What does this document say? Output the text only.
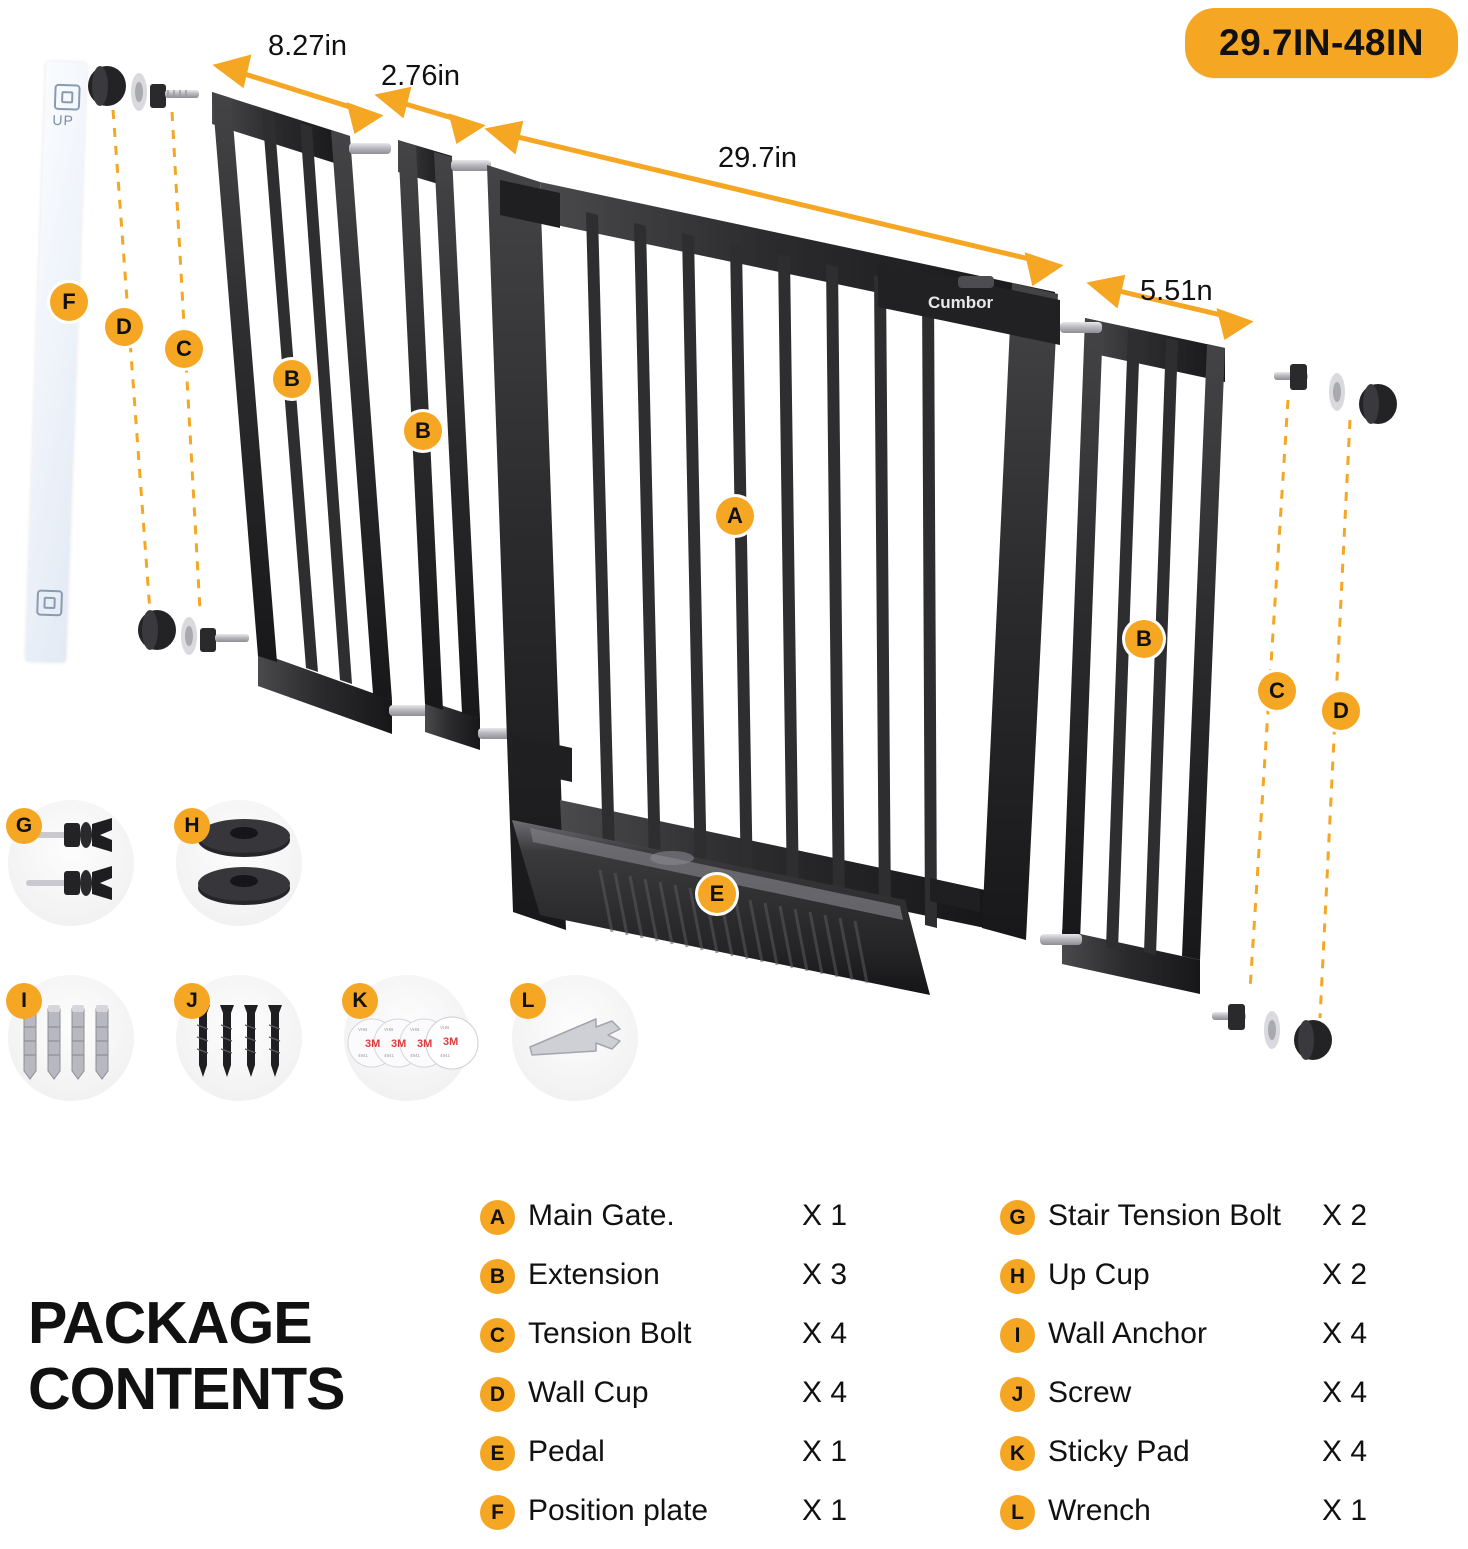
29.7IN-48IN
UP
Cumbor
8.27in
2.76in
29.7in
5.51n
F
D
C
B
B
A
E
B
C
D
G	H
I	J
3M 3M 3M 3M
VHB	VHB	VHB	VHB
4941	4941	4941	4941
K	L
PACKAGE
CONTENTS
A Main Gate.	X 1
B Extension	X 3
C Tension Bolt	X 4
D Wall Cup	X 4
E Pedal	X 1
F Position plate	X 1
G Stair Tension Bolt X 2
H Up Cup	X 2
I Wall Anchor	X 4
J Screw	X 4
K Sticky Pad	X 4
L Wrench	X 1
